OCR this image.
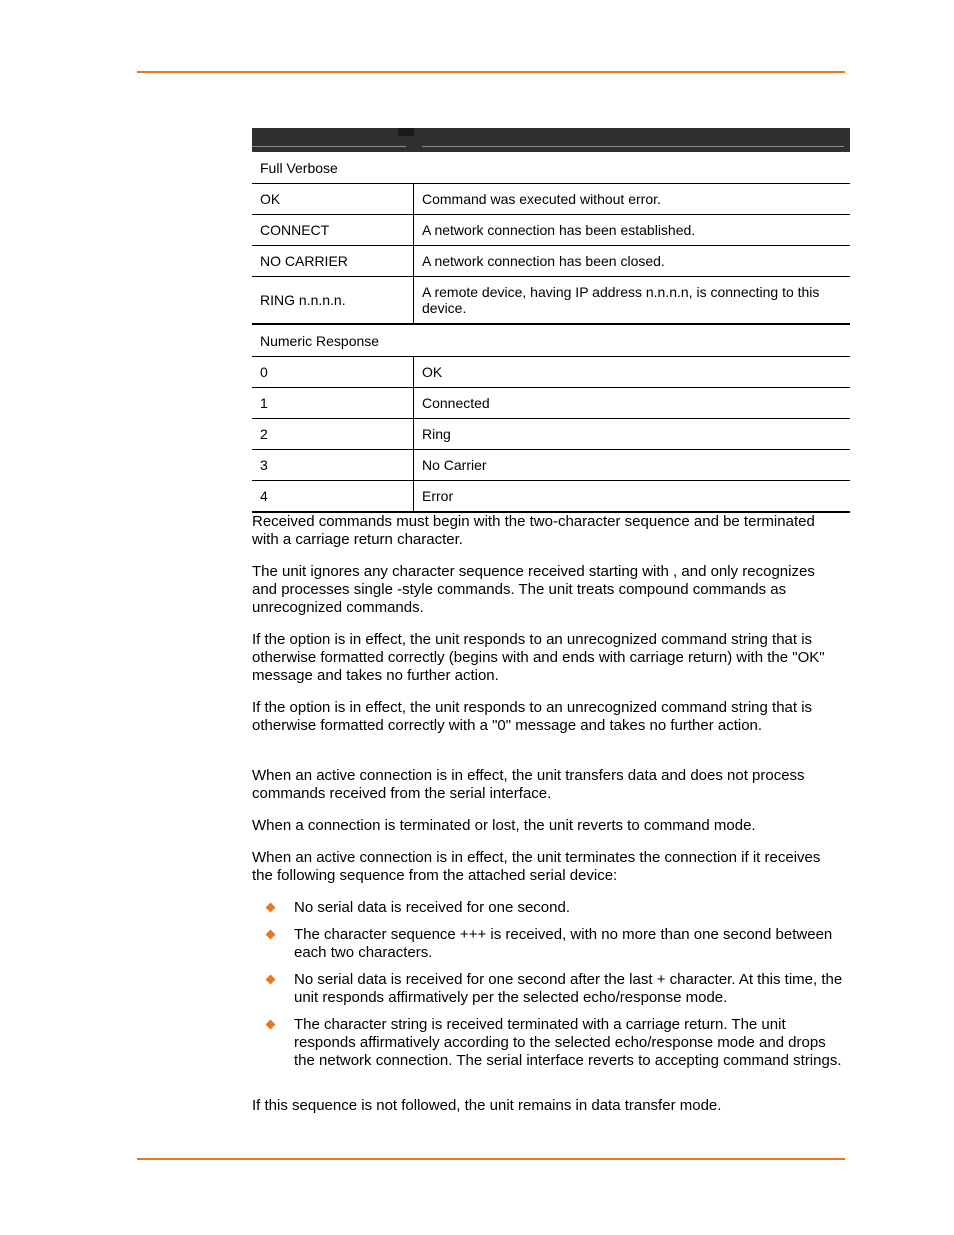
Full Verbose	
OK	Command was executed without error.
CONNECT	A network connection has been established.
NO CARRIER	A network connection has been closed.
RING n.n.n.n.	A remote device, having IP address n.n.n.n, is connecting to this device.
Numeric Response	
0	OK
1	Connected
2	Ring
3	No Carrier
4	Error

Received commands must begin with the two-character sequence and be terminated with a carriage return character.

The unit ignores any character sequence received starting with , and only recognizes and processes single -style commands. The unit treats compound commands as unrecognized commands.

If the option is in effect, the unit responds to an unrecognized command string that is otherwise formatted correctly (begins with and ends with carriage return) with the "OK" message and takes no further action.

If the option is in effect, the unit responds to an unrecognized command string that is otherwise formatted correctly with a "0" message and takes no further action.

When an active connection is in effect, the unit transfers data and does not process commands received from the serial interface.

When a connection is terminated or lost, the unit reverts to command mode.

When an active connection is in effect, the unit terminates the connection if it receives the following sequence from the attached serial device:

No serial data is received for one second.
The character sequence +++ is received, with no more than one second between each two characters.
No serial data is received for one second after the last + character. At this time, the unit responds affirmatively per the selected echo/response mode.
The character string is received terminated with a carriage return. The unit responds affirmatively according to the selected echo/response mode and drops the network connection. The serial interface reverts to accepting command strings.

If this sequence is not followed, the unit remains in data transfer mode.
